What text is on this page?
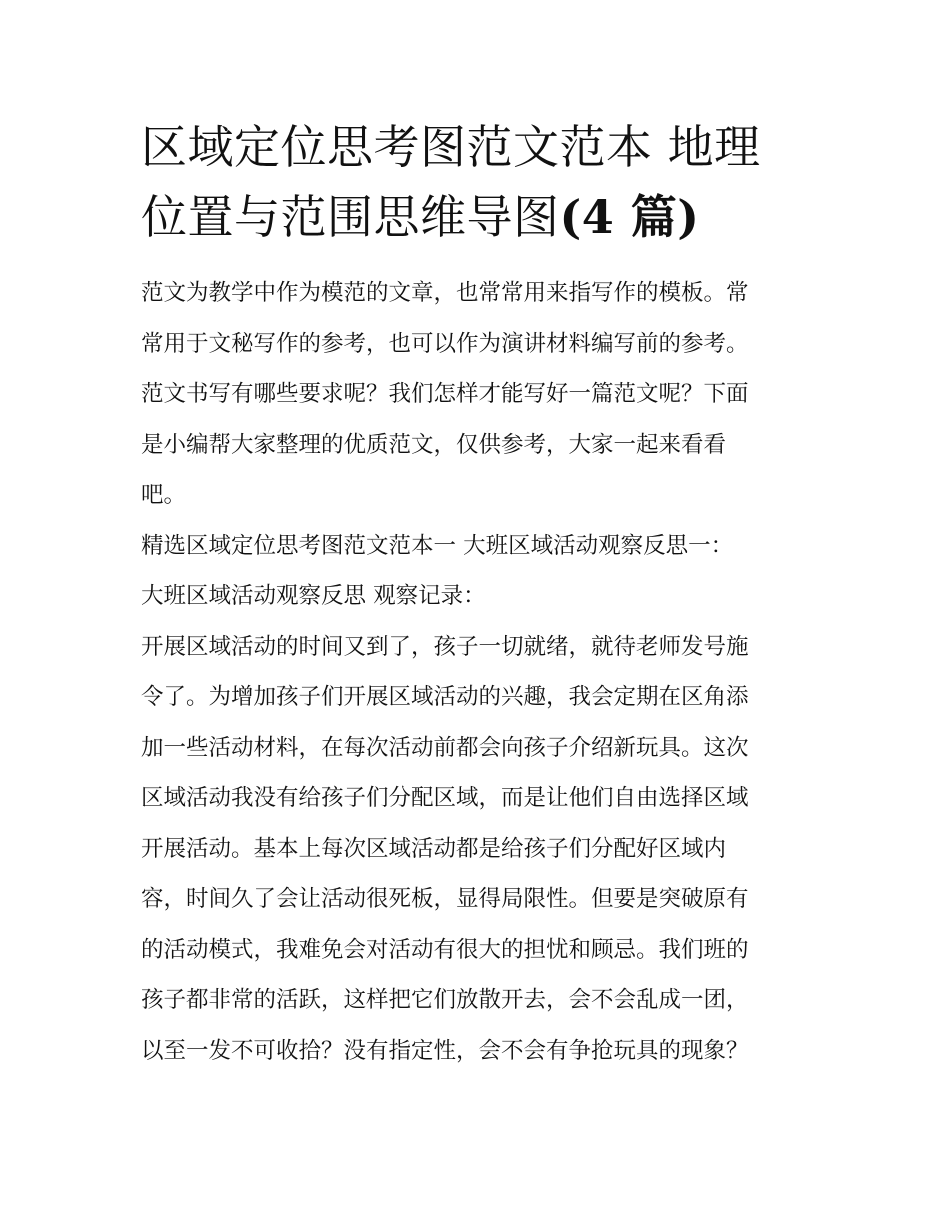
区域定位思考图范文范本 地理
位置与范围思维导图(4 篇)
范文为教学中作为模范的文章，也常常用来指写作的模板。常
常用于文秘写作的参考，也可以作为演讲材料编写前的参考。
范文书写有哪些要求呢？我们怎样才能写好一篇范文呢？下面
是小编帮大家整理的优质范文，仅供参考，大家一起来看看
吧。
精选区域定位思考图范文范本一 大班区域活动观察反思一：
大班区域活动观察反思 观察记录：
开展区域活动的时间又到了，孩子一切就绪，就待老师发号施
令了。为增加孩子们开展区域活动的兴趣，我会定期在区角添
加一些活动材料，在每次活动前都会向孩子介绍新玩具。这次
区域活动我没有给孩子们分配区域，而是让他们自由选择区域
开展活动。基本上每次区域活动都是给孩子们分配好区域内
容，时间久了会让活动很死板，显得局限性。但要是突破原有
的活动模式，我难免会对活动有很大的担忧和顾忌。我们班的
孩子都非常的活跃，这样把它们放散开去，会不会乱成一团，
以至一发不可收拾？没有指定性，会不会有争抢玩具的现象？
